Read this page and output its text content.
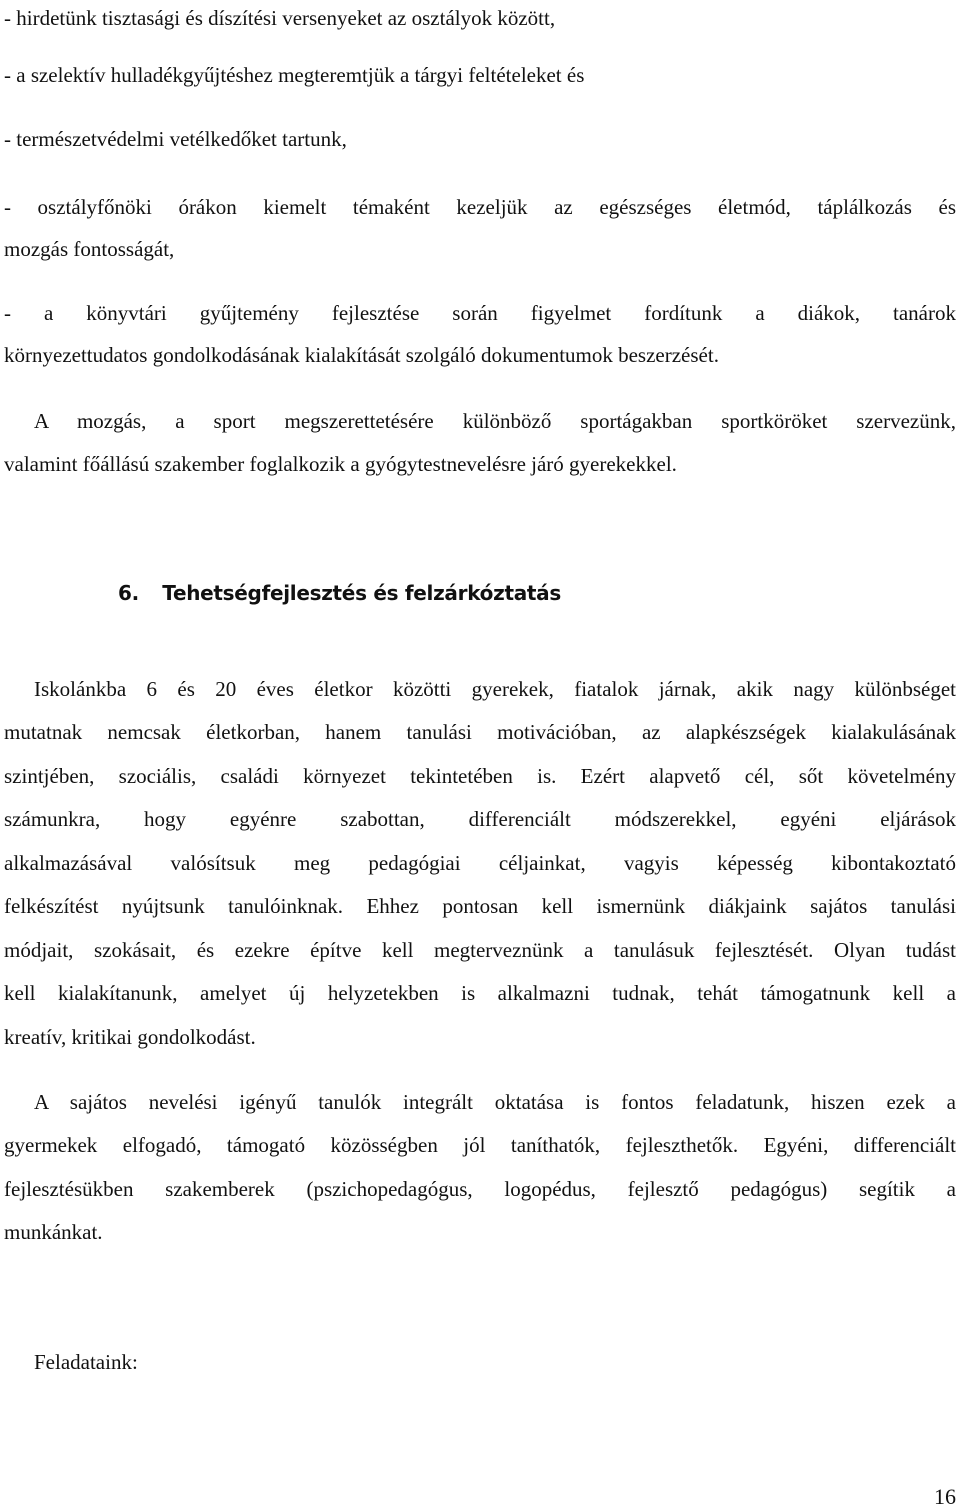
- hirdetünk tisztasági és díszítési versenyeket az osztályok között,
- a szelektív hulladékgyűjtéshez megteremtjük a tárgyi feltételeket és
- természetvédelmi vetélkedőket tartunk,
- osztályfőnöki órákon kiemelt témaként kezeljük az egészséges életmód, táplálkozás és
mozgás fontosságát,
- a könyvtári gyűjtemény fejlesztése során figyelmet fordítunk a diákok, tanárok
környezettudatos gondolkodásának kialakítását szolgáló dokumentumok beszerzését.
A mozgás, a sport megszerettetésére különböző sportágakban sportköröket szervezünk,
valamint főállású szakember foglalkozik a gyógytestnevelésre járó gyerekekkel.
6. Tehetségfejlesztés és felzárkóztatás
Iskolánkba 6 és 20 éves életkor közötti gyerekek, fiatalok járnak, akik nagy különbséget
mutatnak nemcsak életkorban, hanem tanulási motivációban, az alapkészségek kialakulásának
szintjében, szociális, családi környezet tekintetében is. Ezért alapvető cél, sőt követelmény
számunkra, hogy egyénre szabottan, differenciált módszerekkel, egyéni eljárások
alkalmazásával valósítsuk meg pedagógiai céljainkat, vagyis képesség kibontakoztató
felkészítést nyújtsunk tanulóinknak. Ehhez pontosan kell ismernünk diákjaink sajátos tanulási
módjait, szokásait, és ezekre építve kell megterveznünk a tanulásuk fejlesztését. Olyan tudást
kell kialakítanunk, amelyet új helyzetekben is alkalmazni tudnak, tehát támogatnunk kell a
kreatív, kritikai gondolkodást.
A sajátos nevelési igényű tanulók integrált oktatása is fontos feladatunk, hiszen ezek a
gyermekek elfogadó, támogató közösségben jól taníthatók, fejleszthetők. Egyéni, differenciált
fejlesztésükben szakemberek (pszichopedagógus, logopédus, fejlesztő pedagógus) segítik a
munkánkat.
Feladataink:
16
